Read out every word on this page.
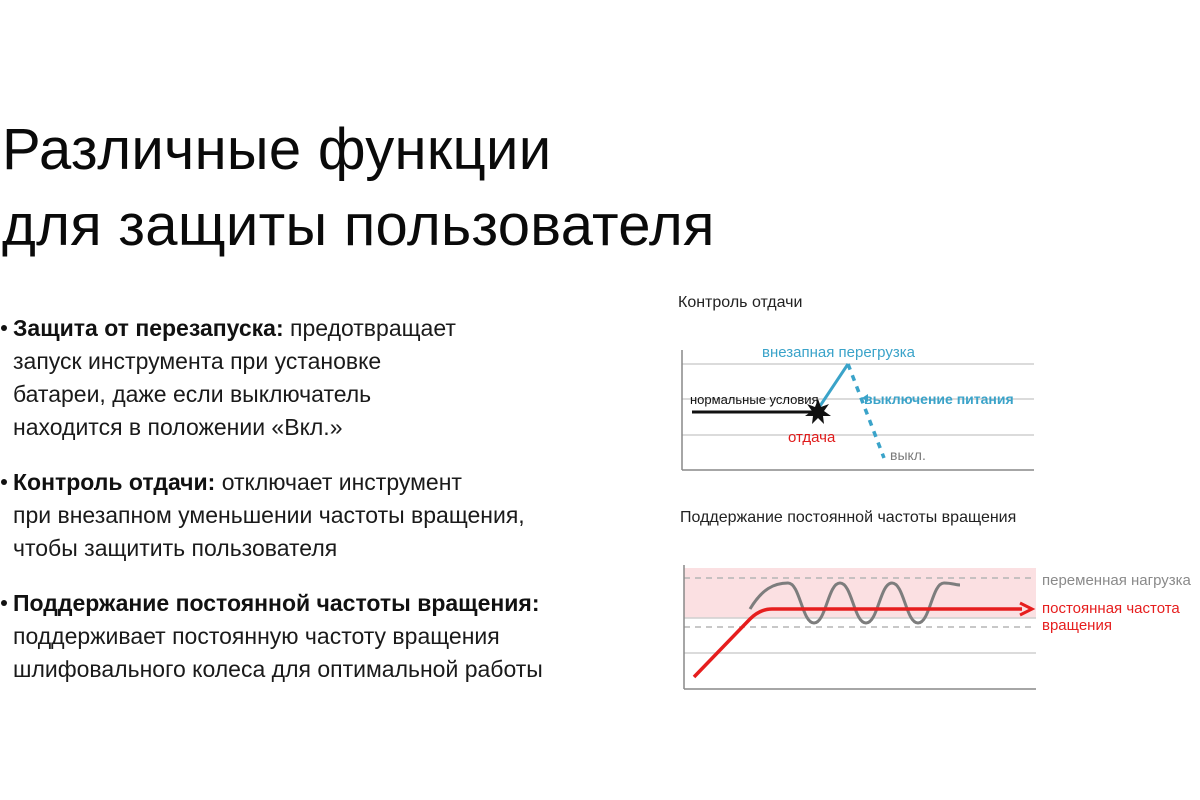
Различные функции
для защиты пользователя
Защита от перезапуска: предотвращает
запуск инструмента при установке
батареи, даже если выключатель
находится в положении «Вкл.»
Контроль отдачи: отключает инструмент
при внезапном уменьшении частоты вращения,
чтобы защитить пользователя
Поддержание постоянной частоты вращения:
поддерживает постоянную частоту вращения
шлифовального колеса для оптимальной работы
Контроль отдачи
внезапная перегрузка
нормальные условия	выключение питания
отдача
выкл.
Поддержание постоянной частоты вращения
переменная нагрузка
постоянная частота
вращения
